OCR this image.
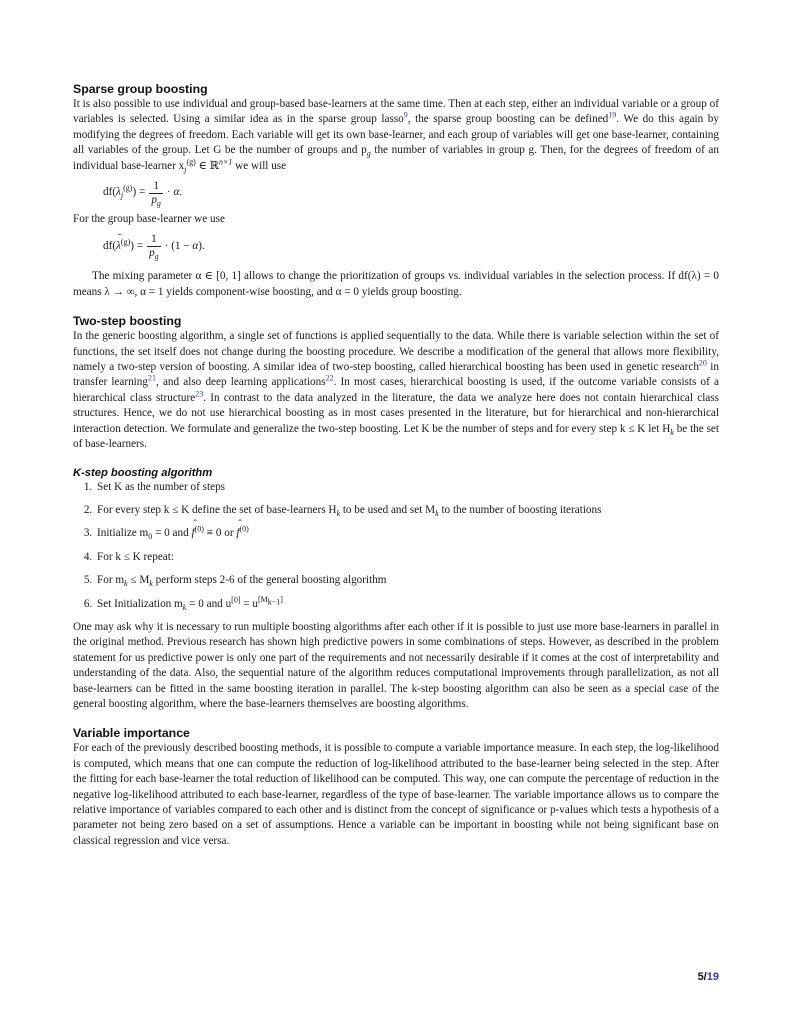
Sparse group boosting

It is also possible to use individual and group-based base-learners at the same time. Then at each step, either an individual variable or a group of variables is selected. Using a similar idea as in the sparse group lasso$^9$, the sparse group boosting can be defined$^{19}$. We do this again by modifying the degrees of freedom. Each variable will get its own base-learner, and each group of variables will get one base-learner, containing all variables of the group. Let G be the number of groups and $p_g$ the number of variables in group g. Then, for the degrees of freedom of an individual base-learner $x_j^{(g)}$ ∈ ℝ$^{n\times 1}$ we will use

$df(\lambda_j^{(g)}) = \frac{1}{p_g} \cdot \alpha$.

For the group base-learner we use

df(˜ $\lambda^{(g)}) = \frac{1}{p_g} \cdot (1 - \alpha)$.

The mixing parameter α ∈ [0, 1] allows to change the prioritization of groups vs. individual variables in the selection process. If df(λ) = 0 means λ → ∞, α = 1 yields component-wise boosting, and α = 0 yields group boosting.

Two-step boosting

In the generic boosting algorithm, a single set of functions is applied sequentially to the data. While there is variable selection within the set of functions, the set itself does not change during the boosting procedure. We describe a modification of the general that allows more flexibility, namely a two-step version of boosting. A similar idea of two-step boosting, called hierarchical boosting has been used in genetic research$^{20}$ in transfer learning$^{21}$, and also deep learning applications$^{22}$. In most cases, hierarchical boosting is used, if the outcome variable consists of a hierarchical class structure$^{23}$. In contrast to the data analyzed in the literature, the data we analyze here does not contain hierarchical class structures. Hence, we do not use hierarchical boosting as in most cases presented in the literature, but for hierarchical and non-hierarchical interaction detection. We formulate and generalize the two-step boosting. Let K be the number of steps and for every step k ≤ K let $H_k$ be the set of base-learners.

K-step boosting algorithm
1. Set K as the number of steps
2. For every step k ≤ K define the set of base-learners $H_k$ to be used and set $M_k$ to the number of boosting iterations
3. Initialize $m_0 = 0$ and ˆ $f^{(0)} \equiv 0$ or ˆ $f^{(0)}$
4. For k ≤ K repeat:
5. For $m_k \le M_k$ perform steps 2-6 of the general boosting algorithm
6. Set Initialization $m_k = 0$ and u[0] = u[Mk−1]

One may ask why it is necessary to run multiple boosting algorithms after each other if it is possible to just use more base-learners in parallel in the original method. Previous research has shown high predictive powers in some combinations of steps. However, as described in the problem statement for us predictive power is only one part of the requirements and not necessarily desirable if it comes at the cost of interpretability and understanding of the data. Also, the sequential nature of the algorithm reduces computational improvements through parallelization, as not all base-learners can be fitted in the same boosting iteration in parallel. The k-step boosting algorithm can also be seen as a special case of the general boosting algorithm, where the base-learners themselves are boosting algorithms.

Variable importance

For each of the previously described boosting methods, it is possible to compute a variable importance measure. In each step, the log-likelihood is computed, which means that one can compute the reduction of log-likelihood attributed to the base-learner being selected in the step. After the fitting for each base-learner the total reduction of likelihood can be computed. This way, one can compute the percentage of reduction in the negative log-likelihood attributed to each base-learner, regardless of the type of base-learner. The variable importance allows us to compare the relative importance of variables compared to each other and is distinct from the concept of significance or p-values which tests a hypothesis of a parameter not being zero based on a set of assumptions. Hence a variable can be important in boosting while not being significant base on classical regression and vice versa.

5/19
